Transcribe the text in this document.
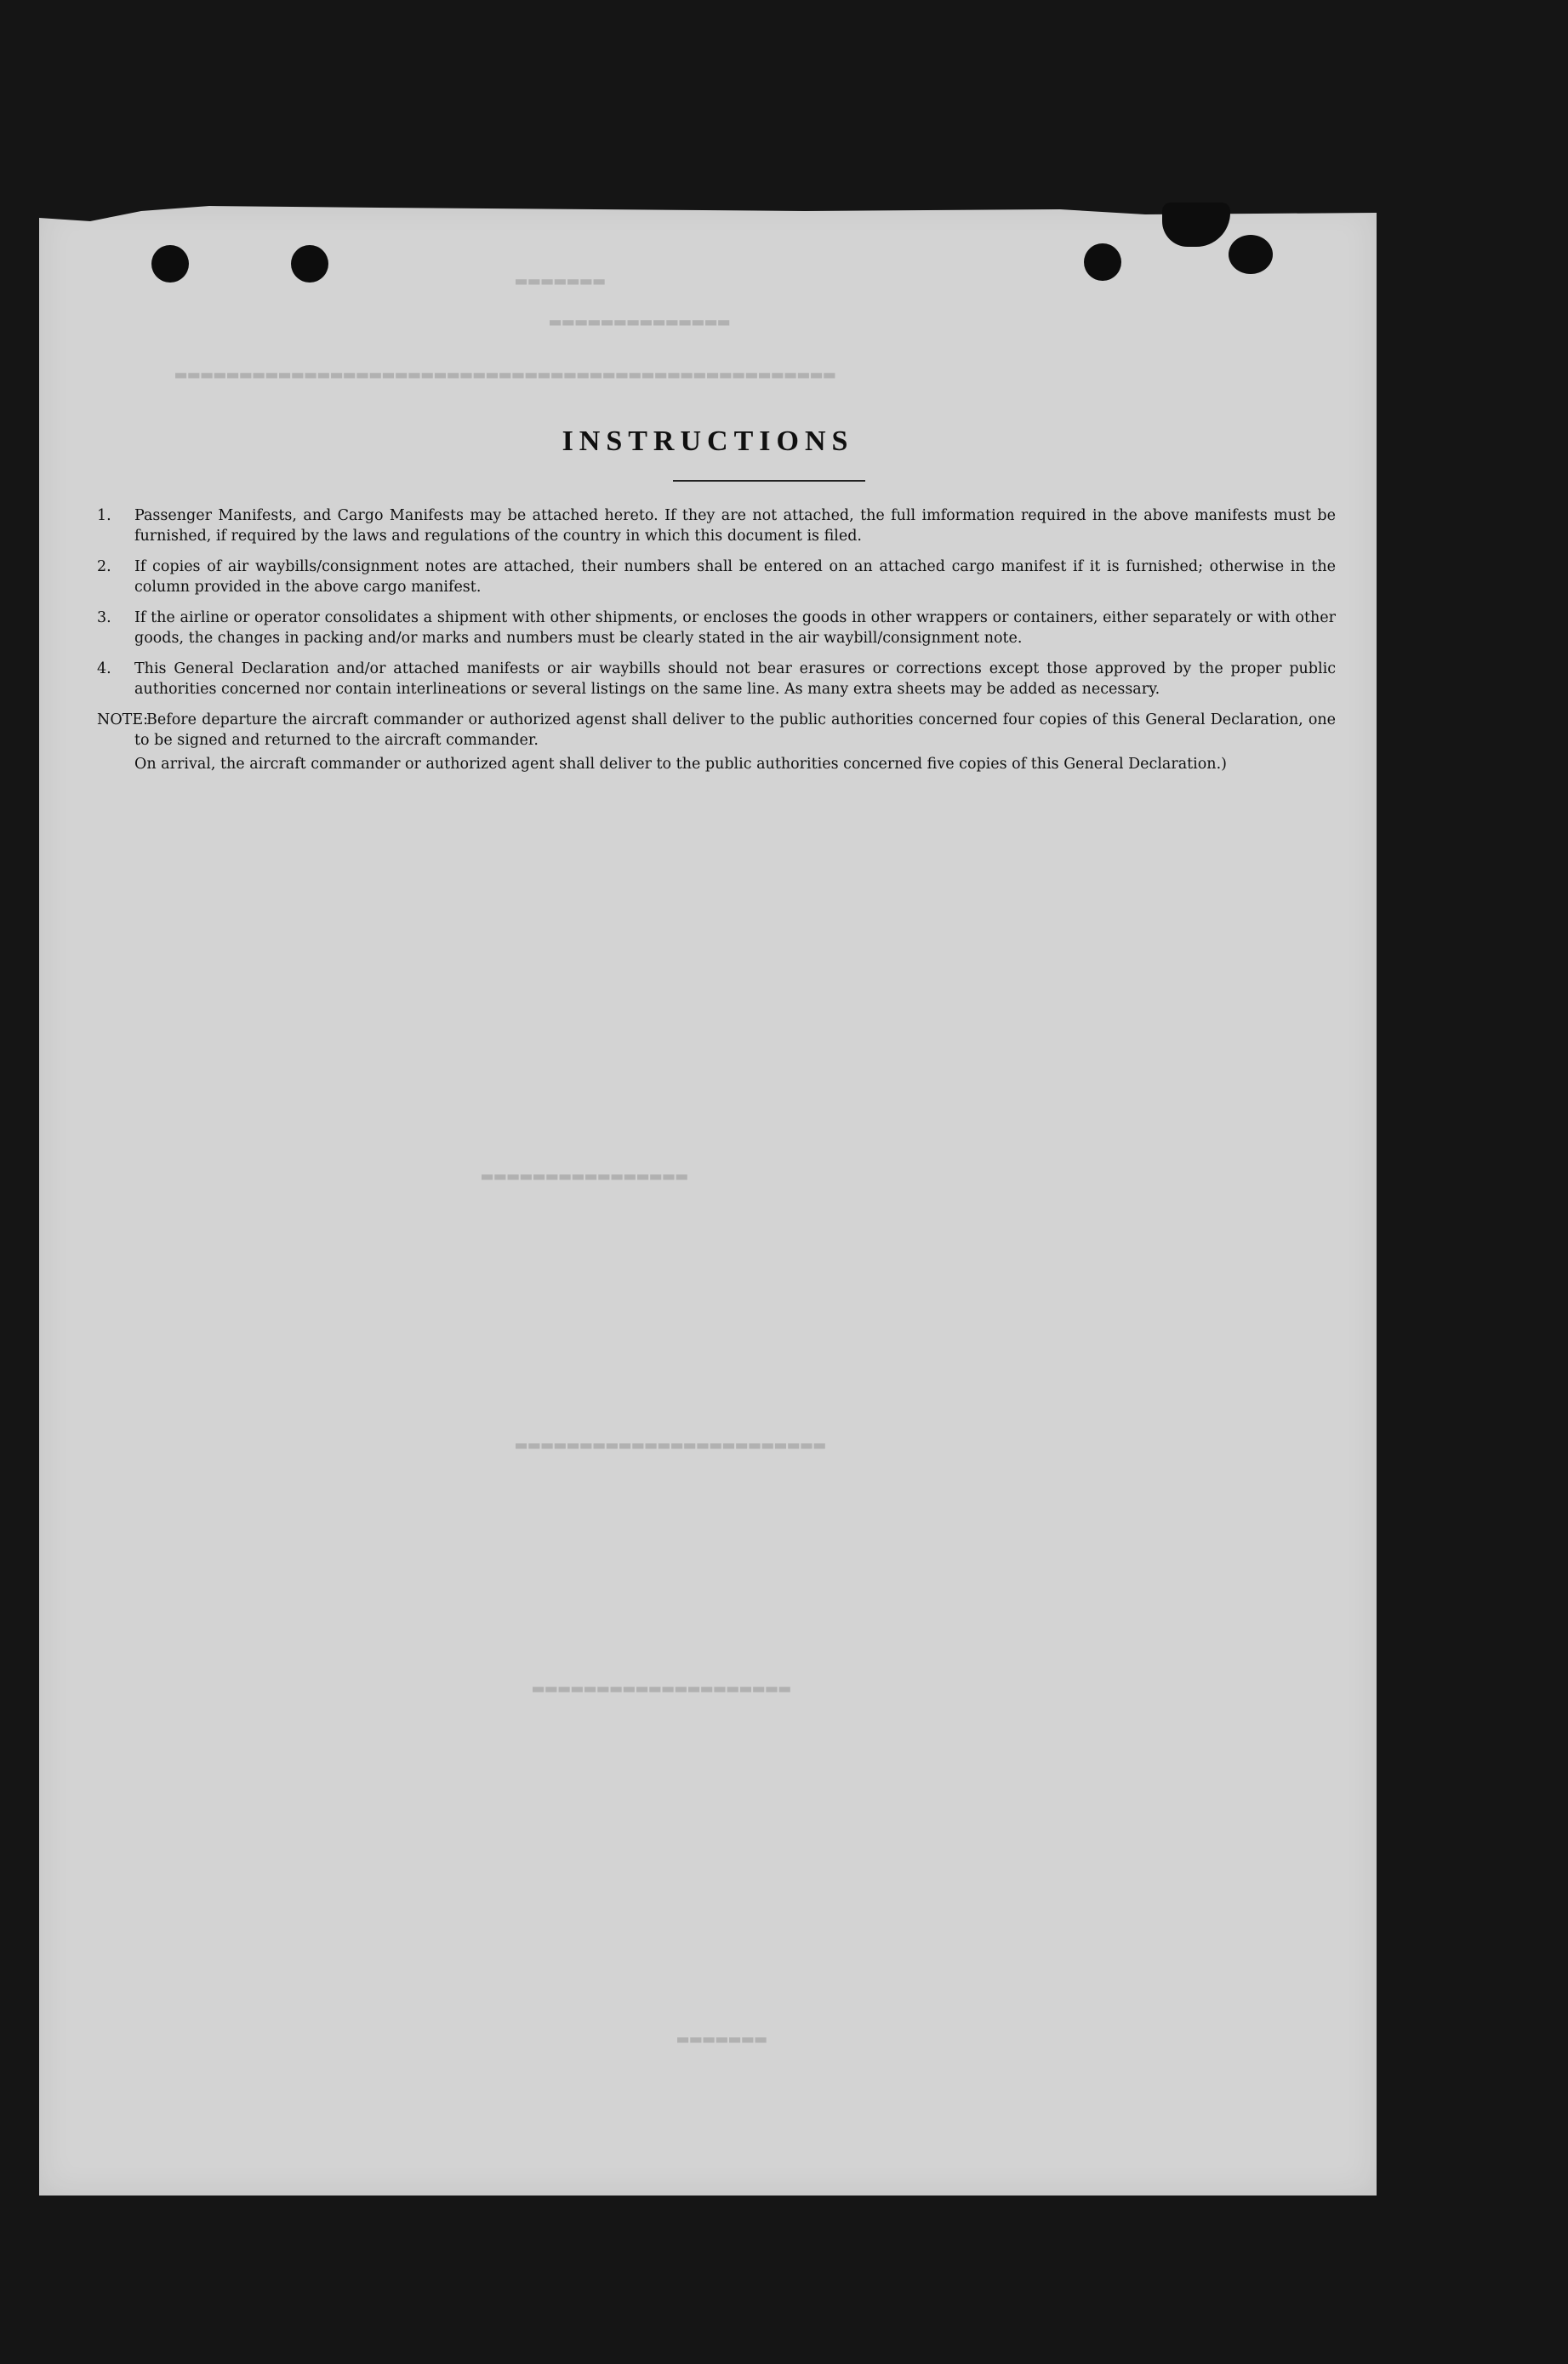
▬▬▬▬▬▬▬
▬▬▬▬▬▬▬▬▬▬▬▬▬▬
▬▬▬▬▬▬▬▬▬▬▬▬▬▬▬▬▬▬▬▬▬▬▬▬▬▬▬▬▬▬▬▬▬▬▬▬▬▬▬▬▬▬▬▬▬▬▬▬▬▬▬
▬▬▬▬▬▬▬▬▬▬▬▬▬▬▬▬
▬▬▬▬▬▬▬▬▬▬▬▬▬▬▬▬▬▬▬▬▬▬▬▬
▬▬▬▬▬▬▬▬▬▬▬▬▬▬▬▬▬▬▬▬
▬▬▬▬▬▬▬
INSTRUCTIONS
1.	Passenger Manifests, and Cargo Manifests may be attached hereto. If they are not attached, the full imformation required in the above manifests must be furnished, if required by the laws and regulations of the country in which this document is filed.
2.	If copies of air waybills/consignment notes are attached, their numbers shall be entered on an attached cargo manifest if it is furnished; otherwise in the column provided in the above cargo manifest.
3.	If the airline or operator consolidates a shipment with other shipments, or encloses the goods in other wrappers or containers, either separately or with other goods, the changes in packing and/or marks and numbers must be clearly stated in the air waybill/consignment note.
4.	This General Declaration and/or attached manifests or air waybills should not bear erasures or corrections except those approved by the proper public authorities concerned nor contain interlineations or several listings on the same line. As many extra sheets may be added as necessary.
NOTE:
Before departure the aircraft commander or authorized agenst shall deliver to the public authorities concerned four copies of this General Declaration, one to be signed and returned to the aircraft commander.
On arrival, the aircraft commander or authorized agent shall deliver to the public authorities concerned five copies of this General Declaration.)
